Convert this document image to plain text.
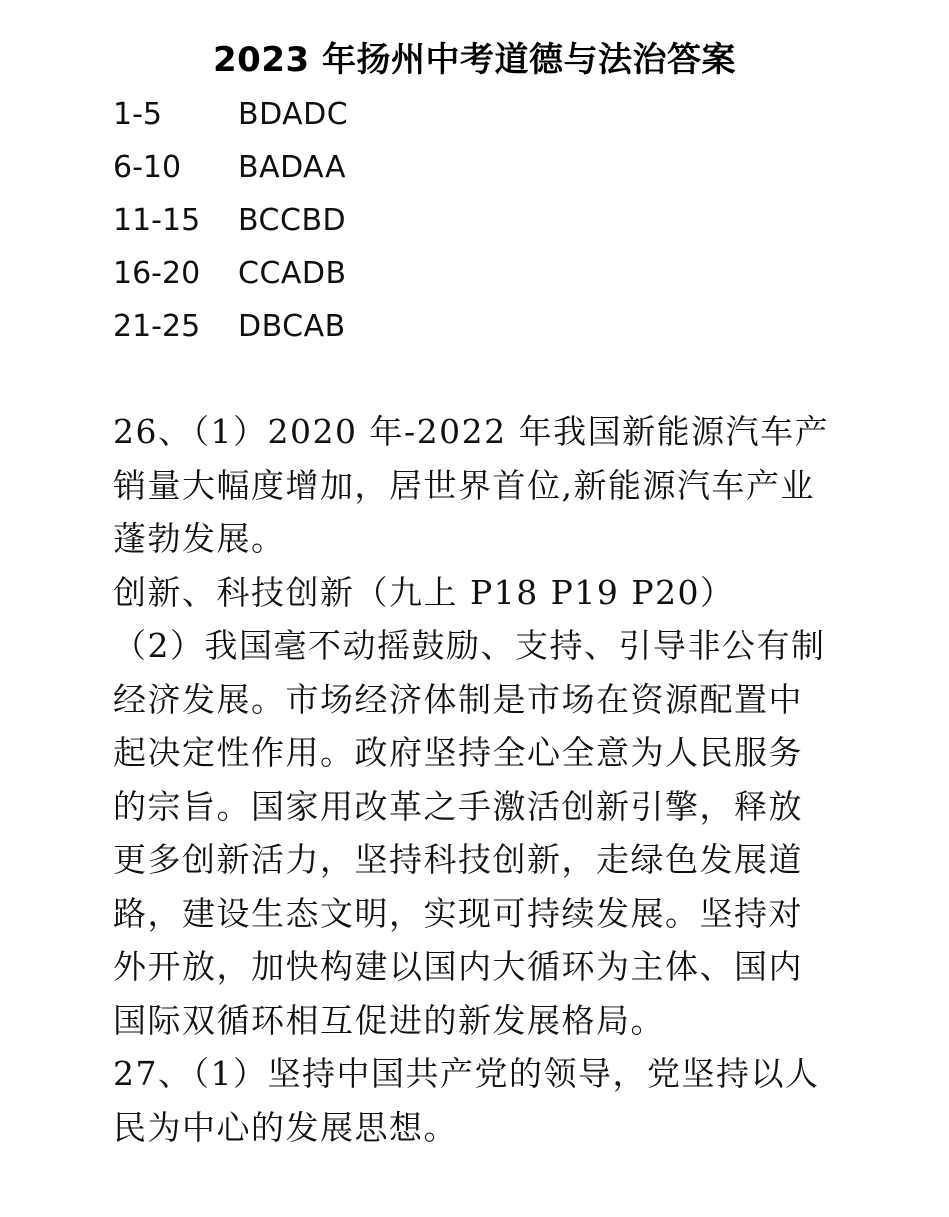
2023 年扬州中考道德与法治答案
1-5	BDADC
6-10	BADAA
11-15	BCCBD
16-20	CCADB
21-25	DBCAB

26、（1）2020 年-2022 年我国新能源汽车产销量大幅度增加，居世界首位,新能源汽车产业蓬勃发展。

创新、科技创新（九上 P18 P19 P20）

（2）我国毫不动摇鼓励、支持、引导非公有制经济发展。市场经济体制是市场在资源配置中起决定性作用。政府坚持全心全意为人民服务的宗旨。国家用改革之手激活创新引擎，释放更多创新活力，坚持科技创新，走绿色发展道路，建设生态文明，实现可持续发展。坚持对外开放，加快构建以国内大循环为主体、国内国际双循环相互促进的新发展格局。

27、（1）坚持中国共产党的领导，党坚持以人民为中心的发展思想。
